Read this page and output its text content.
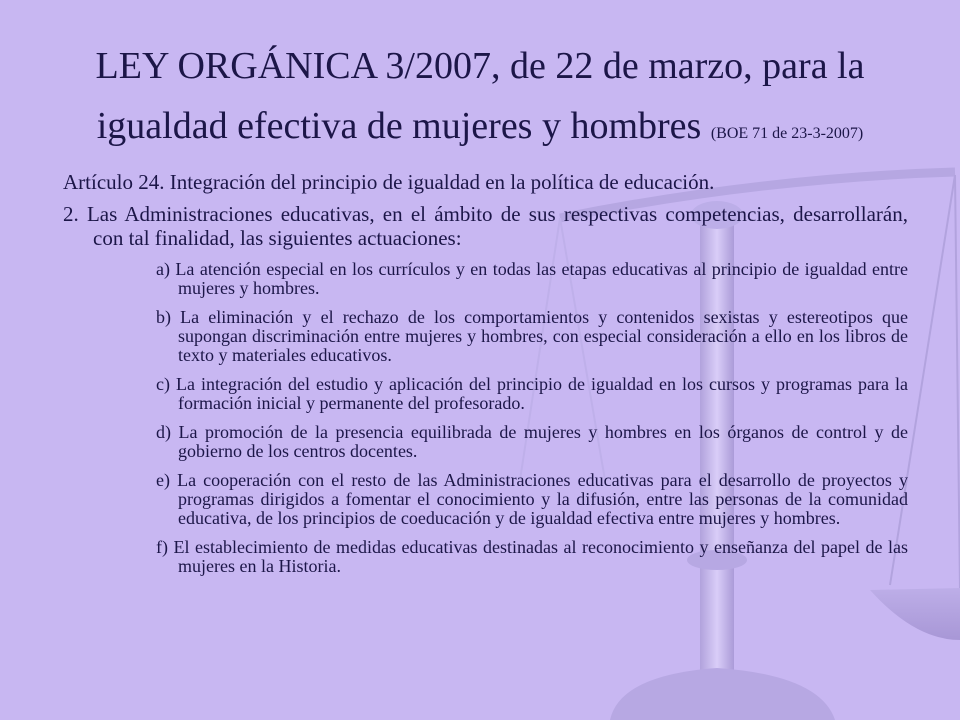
LEY ORGÁNICA 3/2007, de 22 de marzo, para la igualdad efectiva de mujeres y hombres (BOE 71 de 23-3-2007)

Artículo 24. Integración del principio de igualdad en la política de educación.

2. Las Administraciones educativas, en el ámbito de sus respectivas competencias, desarrollarán, con tal finalidad, las siguientes actuaciones:

a) La atención especial en los currículos y en todas las etapas educativas al principio de igualdad entre mujeres y hombres.

b) La eliminación y el rechazo de los comportamientos y contenidos sexistas y estereotipos que supongan discriminación entre mujeres y hombres, con especial consideración a ello en los libros de texto y materiales educativos.

c) La integración del estudio y aplicación del principio de igualdad en los cursos y programas para la formación inicial y permanente del profesorado.

d) La promoción de la presencia equilibrada de mujeres y hombres en los órganos de control y de gobierno de los centros docentes.

e) La cooperación con el resto de las Administraciones educativas para el desarrollo de proyectos y programas dirigidos a fomentar el conocimiento y la difusión, entre las personas de la comunidad educativa, de los principios de coeducación y de igualdad efectiva entre mujeres y hombres.

f) El establecimiento de medidas educativas destinadas al reconocimiento y enseñanza del papel de las mujeres en la Historia.
